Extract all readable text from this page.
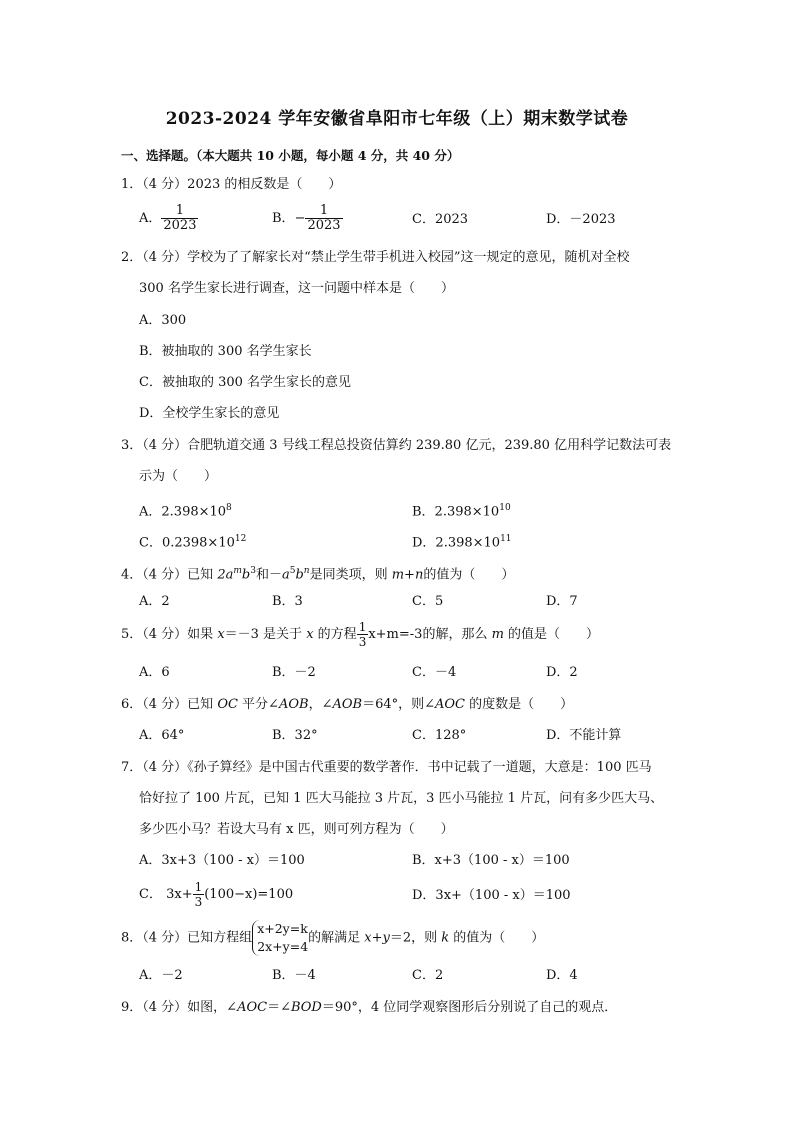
2023-2024 学年安徽省阜阳市七年级（上）期末数学试卷
一、选择题。（本大题共 10 小题，每小题 4 分，共 40 分）
1．（4 分）2023 的相反数是（　　）
A． $\frac{1}{2023}$	B．− $\frac{1}{2023}$	C．2023	D．－2023
2．（4 分）学校为了了解家长对“禁止学生带手机进入校园”这一规定的意见，随机对全校
300 名学生家长进行调查，这一问题中样本是（　　）
A．300
B．被抽取的 300 名学生家长
C．被抽取的 300 名学生家长的意见
D．全校学生家长的意见
3．（4 分）合肥轨道交通 3 号线工程总投资估算约 239.80 亿元，239.80 亿用科学记数法可表
示为（　　）
A．$2.398\times 10^8$	B．$2.398\times 10^{10}$
C．$0.2398\times 10^{12}$	D．$2.398\times 10^{11}$
4．（4 分）已知 $2a^mb^3$和$-a^5b^n$是同类项，则 m+n的值为（　　）
A．2	B．3	C．5	D．7
5．（4 分）如果 x＝－3 是关于 x 的方程 $\frac{1}{3} x+m=-3$的解，那么 m 的值是（　　）
A．6	B．－2	C．－4	D．2
6．（4 分）已知 OC 平分∠AOB，∠AOB＝64°，则∠AOC 的度数是（　　）
A．64°	B．32°	C．128°	D．不能计算
7．（4 分）《孙子算经》是中国古代重要的数学著作．书中记载了一道题，大意是：100 匹马
恰好拉了 100 片瓦，已知 1 匹大马能拉 3 片瓦，3 匹小马能拉 1 片瓦，问有多少匹大马、
多少匹小马？若设大马有 x 匹，则可列方程为（　　）
A．3x+3（100 - x）＝100	B．x+3（100 - x）＝100
C． $3x+ \frac{1}{3} (100-x)=100$	D．3x+（100 - x）＝100
8．（4 分）已知方程组
x+2y=k
2x+y=4
的解满足 x+y＝2，则 k 的值为（　　）
A．－2	B．－4	C．2	D．4
9．（4 分）如图，∠AOC＝∠BOD＝90°，4 位同学观察图形后分别说了自己的观点．
